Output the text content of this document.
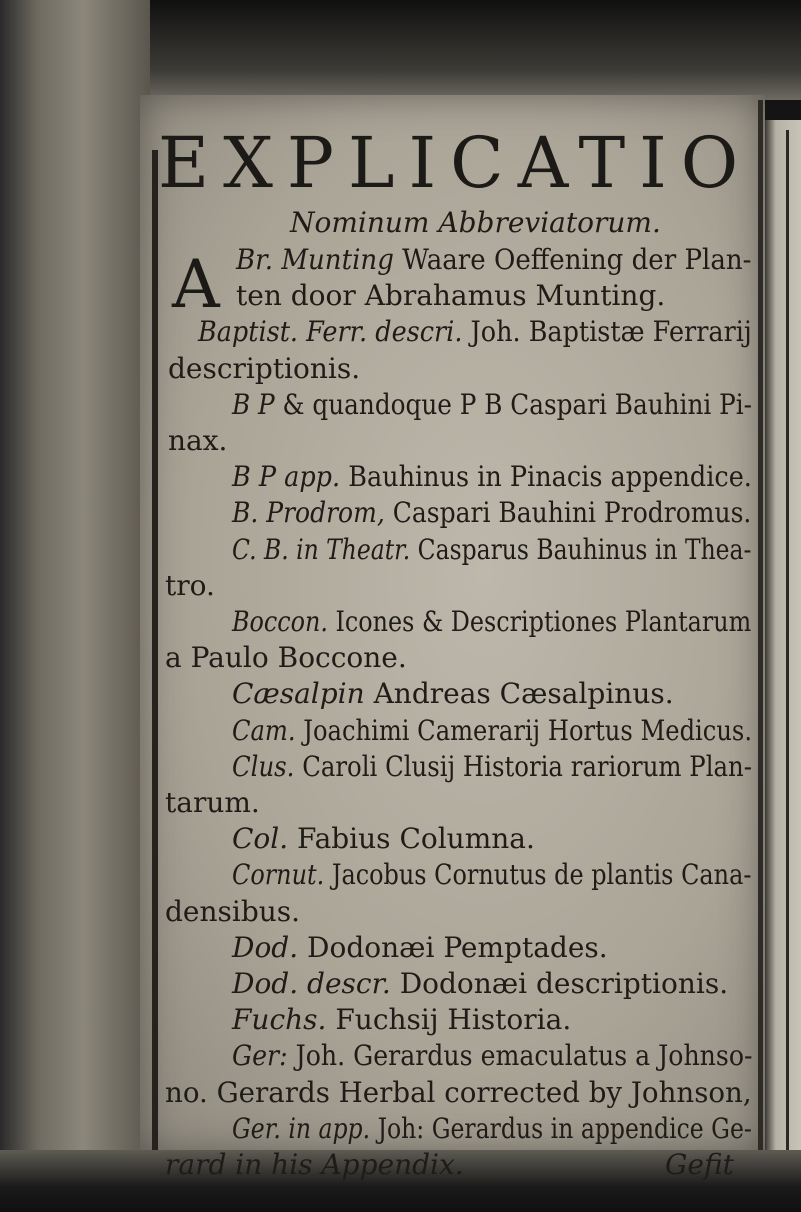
EXPLICATIO
Nominum Abbreviatorum.
A Br. Munting Waare Oeffening der Plan-
ten door Abrahamus Munting.
Baptist. Ferr. descri. Joh. Baptistæ Ferrarij
descriptionis.
B P & quandoque P B Caspari Bauhini Pi-
nax.
B P app. Bauhinus in Pinacis appendice.
B. Prodrom, Caspari Bauhini Prodromus.
C. B. in Theatr. Casparus Bauhinus in Thea-
tro.
Boccon. Icones & Descriptiones Plantarum
a Paulo Boccone.
Cæsalpin Andreas Cæsalpinus.
Cam. Joachimi Camerarij Hortus Medicus.
Clus. Caroli Clusij Historia rariorum Plan-
tarum.
Col. Fabius Columna.
Cornut. Jacobus Cornutus de plantis Cana-
densibus.
Dod. Dodonæi Pemptades.
Dod. descr. Dodonæi descriptionis.
Fuchs. Fuchsij Historia.
Ger: Joh. Gerardus emaculatus a Johnso-
no. Gerards Herbal corrected by Johnson,
Ger. in app. Joh: Gerardus in appendice Ge-
rard in his Appendix.	Gefit
